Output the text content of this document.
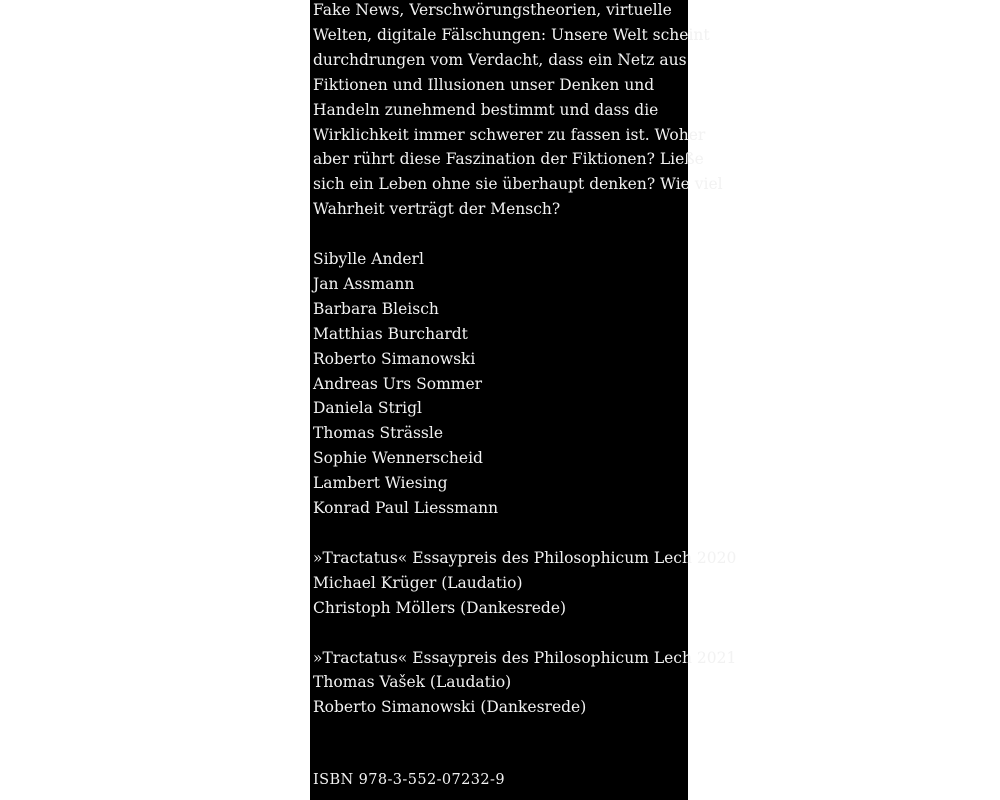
Fake News, Verschwörungstheorien, virtuelle
Welten, digitale Fälschungen: Unsere Welt scheint
durchdrungen vom Verdacht, dass ein Netz aus
Fiktionen und Illusionen unser Denken und
Handeln zunehmend bestimmt und dass die
Wirklichkeit immer schwerer zu fassen ist. Woher
aber rührt diese Faszination der Fiktionen? Ließe
sich ein Leben ohne sie überhaupt denken? Wie viel
Wahrheit verträgt der Mensch?
Sibylle Anderl
Jan Assmann
Barbara Bleisch
Matthias Burchardt
Roberto Simanowski
Andreas Urs Sommer
Daniela Strigl
Thomas Strässle
Sophie Wennerscheid
Lambert Wiesing
Konrad Paul Liessmann
»Tractatus« Essaypreis des Philosophicum Lech 2020
Michael Krüger (Laudatio)
Christoph Möllers (Dankesrede)
»Tractatus« Essaypreis des Philosophicum Lech 2021
Thomas Vašek (Laudatio)
Roberto Simanowski (Dankesrede)
ISBN 978-3-552-07232-9
